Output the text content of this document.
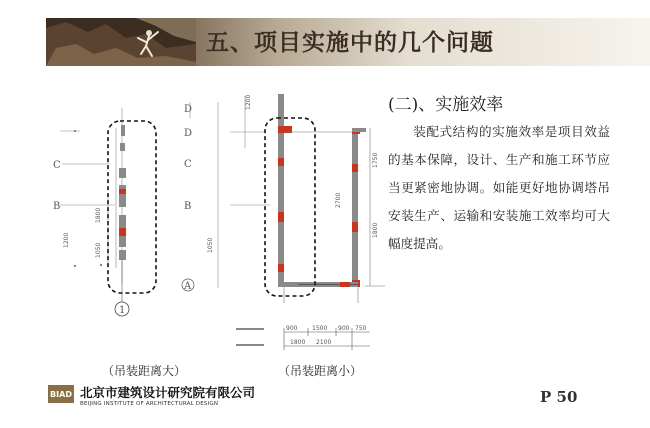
五、项目实施中的几个问题
C
B
1800
1050
1200
1
D
D
C
B
A
1050
1200
2700
1750
1800
900 1500 900 750
1800 2100
(二)、实施效率
装配式结构的实施效率是项目效益的基本保障，设计、生产和施工环节应当更紧密地协调。如能更好地协调塔吊安装生产、运输和安装施工效率均可大幅度提高。
（吊装距离大）	（吊装距离小）
BIAD 北京市建筑设计研究院有限公司
BEIJING INSTITUTE OF ARCHITECTURAL DESIGN	P 50
